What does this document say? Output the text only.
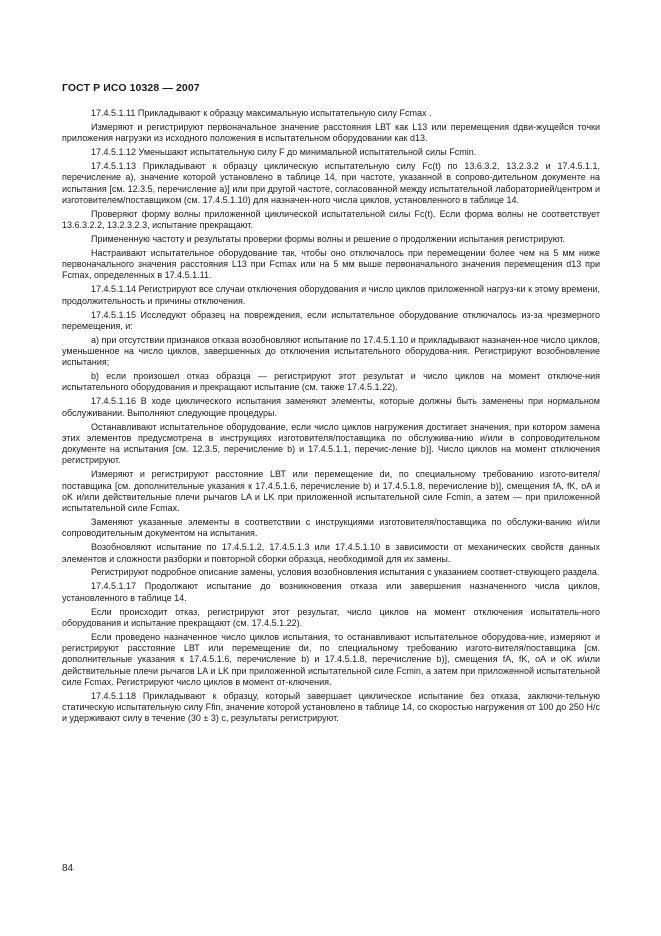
ГОСТ Р ИСО 10328 — 2007

17.4.5.1.11 Прикладывают к образцу максимальную испытательную силу Fcmax .

Измеряют и регистрируют первоначальное значение расстояния LВТ как L13 или перемещения dдви-жущейся точки приложения нагрузки из исходного положения в испытательном оборудовании как d13.

17.4.5.1.12 Уменьшают испытательную силу F до минимальной испытательной силы Fcmin.

17.4.5.1.13 Прикладывают к образцу циклическую испытательную силу Fc(t) по 13.6.3.2, 13.2.3.2 и 17.4.5.1.1, перечисление а), значение которой установлено в таблице 14, при частоте, указанной в сопрово-дительном документе на испытания [см. 12.3.5, перечисление а)] или при другой частоте, согласованной между испытательной лабораторией/центром и изготовителем/поставщиком (см. 17.4.5.1.10) для назначен-ного числа циклов, установленного в таблице 14.

Проверяют форму волны приложенной циклической испытательной силы Fc(t). Если форма волны не соответствует 13.6.3.2.2, 13.2.3.2.3, испытание прекращают.

Примененную частоту и результаты проверки формы волны и решение о продолжении испытания регистрируют.

Настраивают испытательное оборудование так, чтобы оно отключалось при перемещении более чем на 5 мм ниже первоначального значения расстояния L13 при Fcmax или на 5 мм выше первоначального значения перемещения d13 при Fcmax, определенных в 17.4.5.1.11.

17.4.5.1.14 Регистрируют все случаи отключения оборудования и число циклов приложенной нагруз-ки к этому времени, продолжительность и причины отключения.

17.4.5.1.15 Исследуют образец на повреждения, если испытательное оборудование отключалось из-за чрезмерного перемещения, и:

а) при отсутствии признаков отказа возобновляют испытание по 17.4.5.1.10 и прикладывают назначен-ное число циклов, уменьшенное на число циклов, завершенных до отключения испытательного оборудова-ния. Регистрируют возобновление испытания;

b) если произошел отказ образца — регистрируют этот результат и число циклов на момент отключе-ния испытательного оборудования и прекращают испытание (см. также 17.4.5.1.22).

17.4.5.1.16 В ходе циклического испытания заменяют элементы, которые должны быть заменены при нормальном обслуживании. Выполняют следующие процедуры.

Останавливают испытательное оборудование, если число циклов нагружения достигает значения, при котором замена этих элементов предусмотрена в инструкциях изготовителя/поставщика по обслужива-нию и/или в сопроводительном документе на испытания [см. 12.3.5, перечисление b) и 17.4.5.1.1, перечис-ление b)]. Число циклов на момент отключения регистрируют.

Измеряют и регистрируют расстояние LВТ или перемещение dи, по специальному требованию изгото-вителя/поставщика [см. дополнительные указания к 17.4.5.1.6, перечисление b) и 17.4.5.1.8, перечисление b)], смещения fA, fK, oA и oK и/или действительные плечи рычагов LA и LK при приложенной испытательной силе Fcmin, а затем — при приложенной испытательной силе Fcmax.

Заменяют указанные элементы в соответствии с инструкциями изготовителя/поставщика по обслужи-ванию и/или сопроводительным документом на испытания.

Возобновляют испытание по 17.4.5.1.2, 17.4.5.1.3 или 17.4.5.1.10 в зависимости от механических свойств данных элементов и сложности разборки и повторной сборки образца, необходимой для их замены.

Регистрируют подробное описание замены, условия возобновления испытания с указанием соответ-ствующего раздела.

17.4.5.1.17 Продолжают испытание до возникновения отказа или завершения назначенного числа циклов, установленного в таблице 14.

Если происходит отказ, регистрируют этот результат, число циклов на момент отключения испытатель-ного оборудования и испытание прекращают (см. 17.4.5.1.22).

Если проведено назначенное число циклов испытания, то останавливают испытательное оборудова-ние, измеряют и регистрируют расстояние LВТ или перемещение dи, по специальному требованию изгото-вителя/поставщика [см. дополнительные указания к 17.4.5.1.6, перечисление b) и 17.4.5.1.8, перечисление b)], смещения fA, fK, oA и oK и/или действительные плечи рычагов LA и LK при приложенной испытательной силе Fcmin, а затем при приложенной испытательной силе Fcmax. Регистрируют число циклов в момент от-ключения.

17.4.5.1.18 Прикладывают к образцу, который завершает циклическое испытание без отказа, заключи-тельную статическую испытательную силу Ffin, значение которой установлено в таблице 14, со скоростью нагружения от 100 до 250 Н/с и удерживают силу в течение (30 ± 3) с, результаты регистрируют.

84
